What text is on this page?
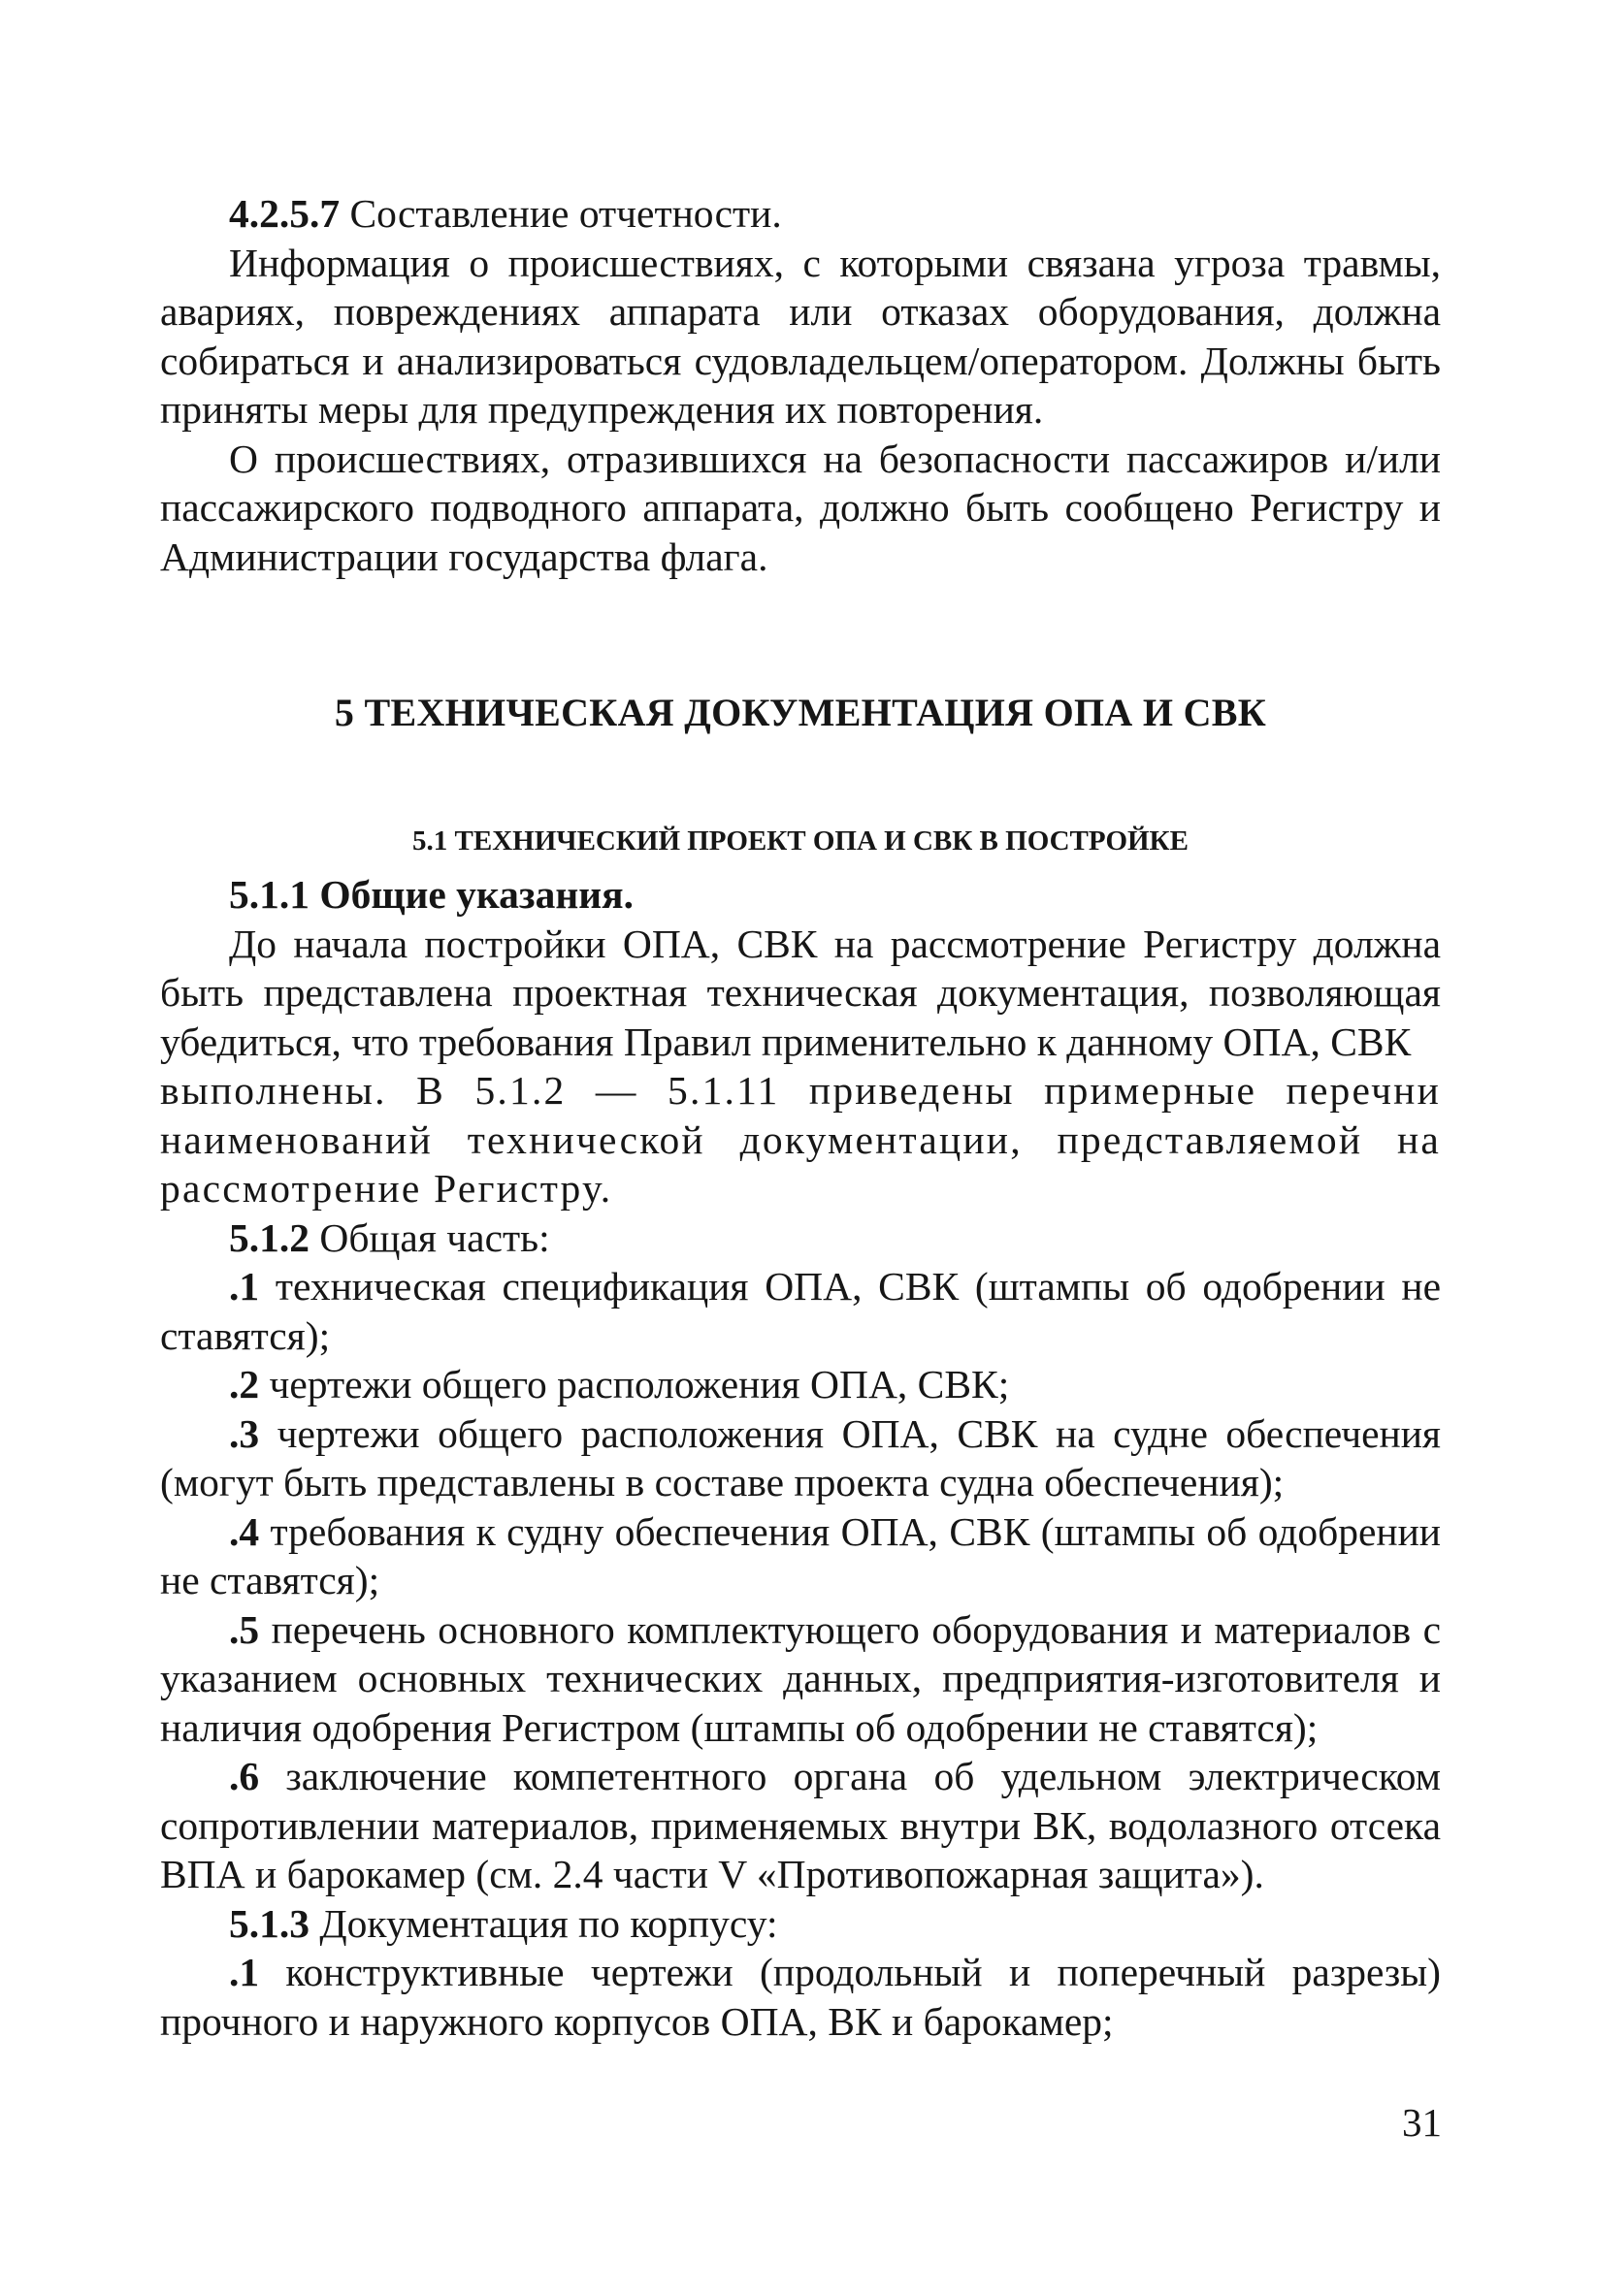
4.2.5.7 Составление отчетности.

Информация о происшествиях, с которыми связана угроза травмы, авариях, повреждениях аппарата или отказах оборудования, должна собираться и анализироваться судовладельцем/оператором. Должны быть приняты меры для предупреждения их повторения.

О происшествиях, отразившихся на безопасности пассажиров и/или пассажирского подводного аппарата, должно быть сообщено Регистру и Администрации государства флага.

5 ТЕХНИЧЕСКАЯ ДОКУМЕНТАЦИЯ ОПА И СВК
5.1 ТЕХНИЧЕСКИЙ ПРОЕКТ ОПА И СВК В ПОСТРОЙКЕ

5.1.1 Общие указания.

До начала постройки ОПА, СВК на рассмотрение Регистру должна быть представлена проектная техническая документация, позволяющая убедиться, что требования Правил применительно к данному ОПА, СВК

выполнены. В 5.1.2 — 5.1.11 приведены примерные перечни наименований технической документации, представляемой на рассмотрение Регистру.

5.1.2 Общая часть:

.1 техническая спецификация ОПА, СВК (штампы об одобрении не ставятся);

.2 чертежи общего расположения ОПА, СВК;

.3 чертежи общего расположения ОПА, СВК на судне обеспечения (могут быть представлены в составе проекта судна обеспечения);

.4 требования к судну обеспечения ОПА, СВК (штампы об одобрении не ставятся);

.5 перечень основного комплектующего оборудования и материалов с указанием основных технических данных, предприятия-изготовителя и наличия одобрения Регистром (штампы об одобрении не ставятся);

.6 заключение компетентного органа об удельном электрическом сопротивлении материалов, применяемых внутри ВК, водолазного отсека ВПА и барокамер (см. 2.4 части V «Противопожарная защита»).

5.1.3 Документация по корпусу:

.1 конструктивные чертежи (продольный и поперечный разрезы) прочного и наружного корпусов ОПА, ВК и барокамер;

31
